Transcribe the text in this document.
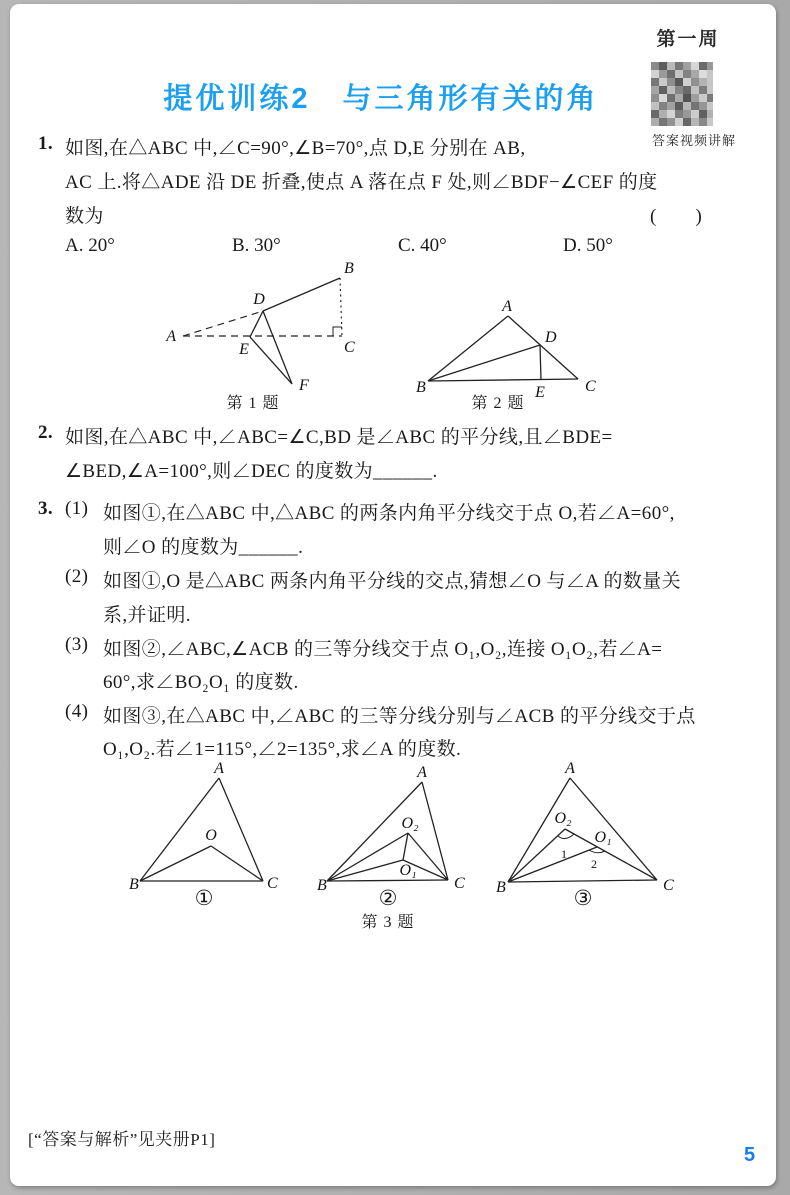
第一周
答案视频讲解
提优训练2　与三角形有关的角
1. 如图,在△ABC 中,∠C=90°,∠B=70°,点 D,E 分别在 AB,
AC 上.将△ADE 沿 DE 折叠,使点 A 落在点 F 处,则∠BDF−∠CEF 的度
数为	(　　)
A. 20°	B. 30°	C. 40°	D. 50°
A
B
C
D
E
F
第 1 题
A
B	C
D
E
第 2 题
2. 如图,在△ABC 中,∠ABC=∠C,BD 是∠ABC 的平分线,且∠BDE=
∠BED,∠A=100°,则∠DEC 的度数为______.
3. (1) 如图①,在△ABC 中,△ABC 的两条内角平分线交于点 O,若∠A=60°,
则∠O 的度数为______.
(2) 如图①,O 是△ABC 两条内角平分线的交点,猜想∠O 与∠A 的数量关
系,并证明.
(3) 如图②,∠ABC,∠ACB 的三等分线交于点 O₁,O₂,连接 O₁O₂,若∠A=
60°,求∠BO₂O₁ 的度数.
(4) 如图③,在△ABC 中,∠ABC 的三等分线分别与∠ACB 的平分线交于点
O₁,O₂.若∠1=115°,∠2=135°,求∠A 的度数.
A
B	C
O
①
A
B	C
O₂
O₁
②
第 3 题
A
B	C
O₂
O₁
1
2
③
[“答案与解析”见夹册P1]
5
